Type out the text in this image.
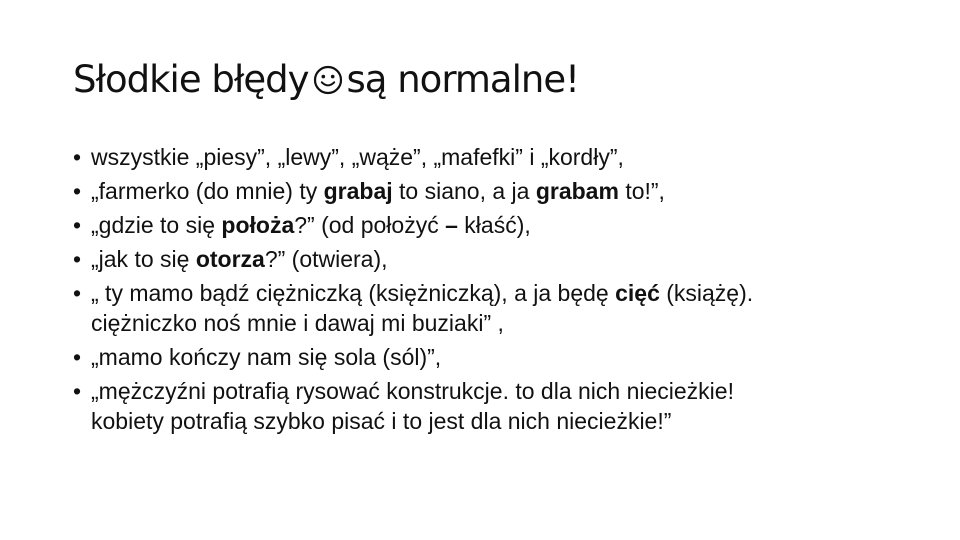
Słodkie błędy są normalne!
• wszystkie „piesy”, „lewy”, „wąże”, „mafefki” i „kordły”,
• „farmerko (do mnie) ty grabaj to siano, a ja grabam to!”,
• „gdzie to się położa?” (od położyć – kłaść),
• „jak to się otorza?” (otwiera),
• „ ty mamo bądź ciężniczką (księżniczką), a ja będę cięć (książę).
ciężniczko noś mnie i dawaj mi buziaki” ,
• „mamo kończy nam się sola (sól)”,
• „mężczyźni potrafią rysować konstrukcje. to dla nich niecieżkie!
kobiety potrafią szybko pisać i to jest dla nich niecieżkie!”
